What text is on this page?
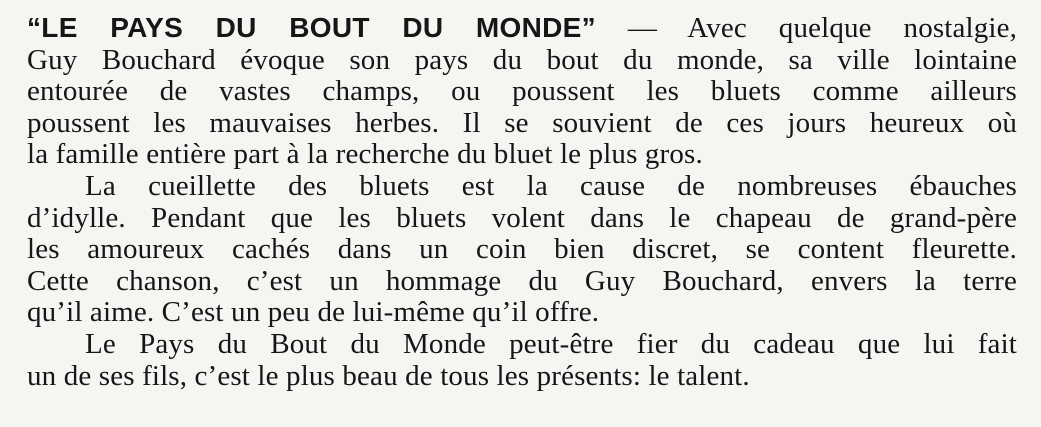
“LE PAYS DU BOUT DU MONDE” — Avec quelque nostalgie,
Guy Bouchard évoque son pays du bout du monde, sa ville lointaine
entourée de vastes champs, ou poussent les bluets comme ailleurs
poussent les mauvaises herbes. Il se souvient de ces jours heureux où
la famille entière part à la recherche du bluet le plus gros.
La cueillette des bluets est la cause de nombreuses ébauches
d’idylle. Pendant que les bluets volent dans le chapeau de grand-père
les amoureux cachés dans un coin bien discret, se content fleurette.
Cette chanson, c’est un hommage du Guy Bouchard, envers la terre
qu’il aime. C’est un peu de lui-même qu’il offre.
Le Pays du Bout du Monde peut-être fier du cadeau que lui fait
un de ses fils, c’est le plus beau de tous les présents: le talent.
